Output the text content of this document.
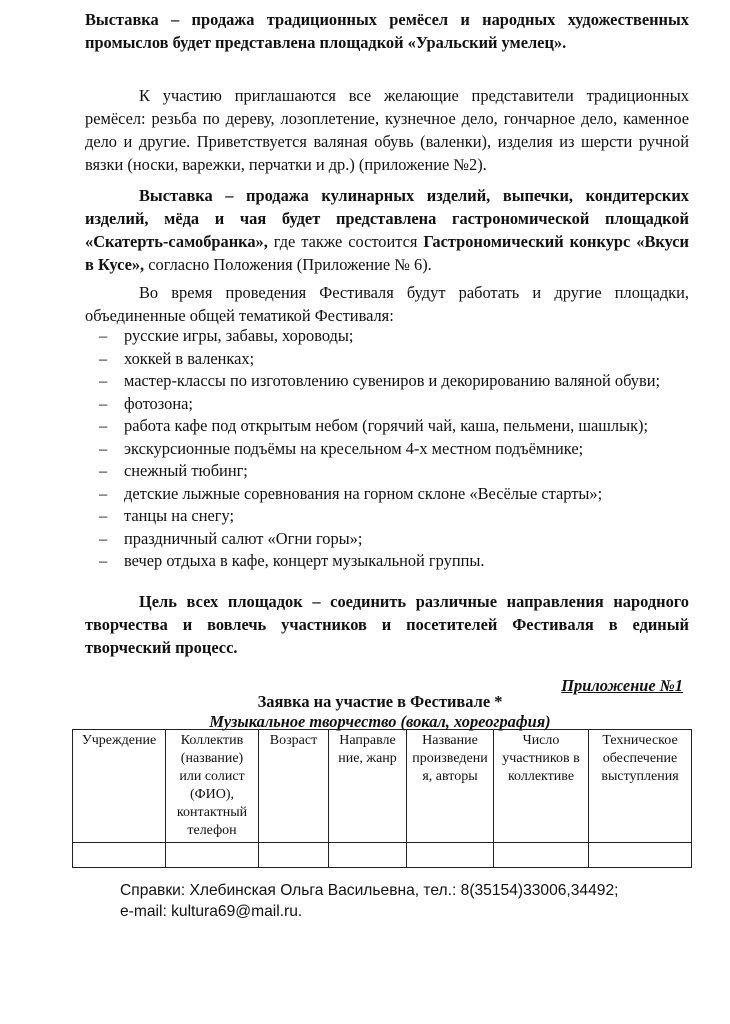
Выставка – продажа традиционных ремёсел и народных художественных промыслов будет представлена площадкой «Уральский умелец».

К участию приглашаются все желающие представители традиционных ремёсел: резьба по дереву, лозоплетение, кузнечное дело, гончарное дело, каменное дело и другие. Приветствуется валяная обувь (валенки), изделия из шерсти ручной вязки (носки, варежки, перчатки и др.) (приложение №2).

Выставка – продажа кулинарных изделий, выпечки, кондитерских изделий, мёда и чая будет представлена гастрономической площадкой «Скатерть-самобранка», где также состоится Гастрономический конкурс «Вкуси в Кусе», согласно Положения (Приложение № 6).

Во время проведения Фестиваля будут работать и другие площадки, объединенные общей тематикой Фестиваля:

– русские игры, забавы, хороводы;
– хоккей в валенках;
– мастер-классы по изготовлению сувениров и декорированию валяной обуви;
– фотозона;
– работа кафе под открытым небом (горячий чай, каша, пельмени, шашлык);
– экскурсионные подъёмы на кресельном 4-х местном подъёмнике;
– снежный тюбинг;
– детские лыжные соревнования на горном склоне «Весёлые старты»;
– танцы на снегу;
– праздничный салют «Огни горы»;
– вечер отдыха в кафе, концерт музыкальной группы.

Цель всех площадок – соединить различные направления народного творчества и вовлечь участников и посетителей Фестиваля в единый творческий процесс.

Приложение №1
Заявка на участие в Фестивале *
Музыкальное творчество (вокал, хореография)
Учреждение	Коллектив (название) или солист (ФИО), контактный телефон	Возраст	Направле ние, жанр	Название произведени я, авторы	Число участников в коллективе	Техническое обеспечение выступления

Справки: Хлебинская Ольга Васильевна, тел.: 8(35154)33006,34492;
e-mail: kultura69@mail.ru.
